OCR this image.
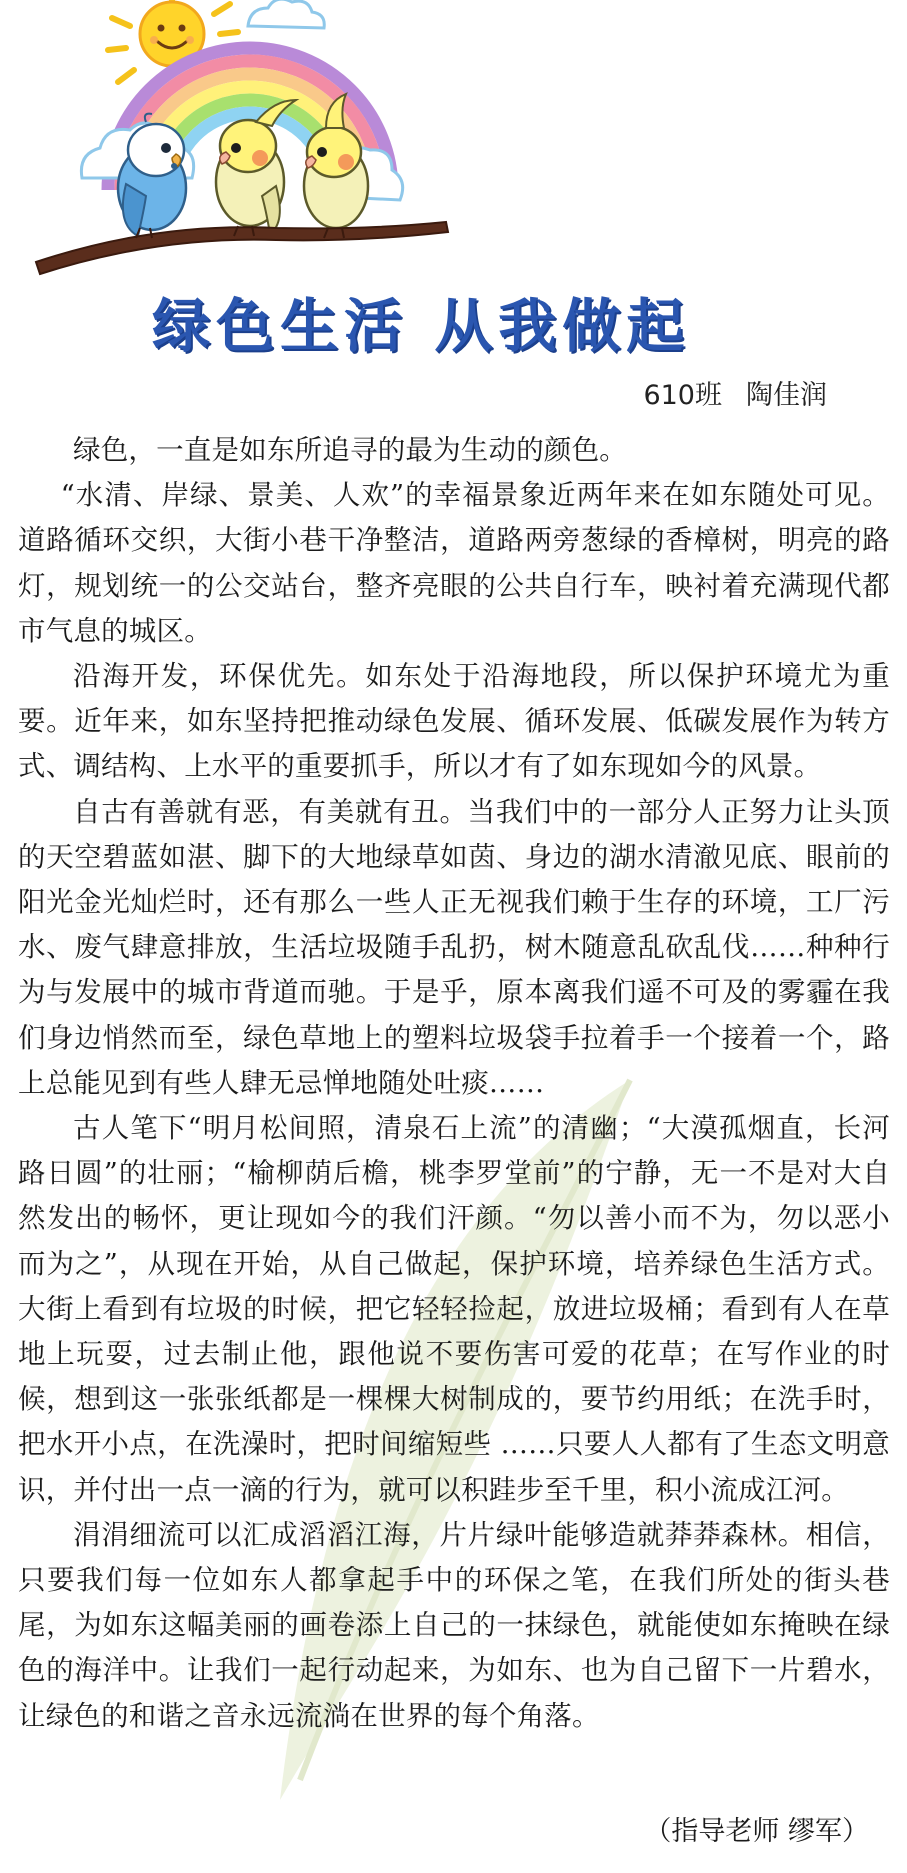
绿色生活 从我做起
610班 陶佳润

绿色，一直是如东所追寻的最为生动的颜色。

“水清、岸绿、景美、人欢”的幸福景象近两年来在如东随处可见。道路循环交织，大街小巷干净整洁，道路两旁葱绿的香樟树，明亮的路灯，规划统一的公交站台，整齐亮眼的公共自行车，映衬着充满现代都市气息的城区。

沿海开发，环保优先。如东处于沿海地段，所以保护环境尤为重要。近年来，如东坚持把推动绿色发展、循环发展、低碳发展作为转方式、调结构、上水平的重要抓手，所以才有了如东现如今的风景。

自古有善就有恶，有美就有丑。当我们中的一部分人正努力让头顶的天空碧蓝如湛、脚下的大地绿草如茵、身边的湖水清澈见底、眼前的阳光金光灿烂时，还有那么一些人正无视我们赖于生存的环境，工厂污水、废气肆意排放，生活垃圾随手乱扔，树木随意乱砍乱伐……种种行为与发展中的城市背道而驰。于是乎，原本离我们遥不可及的雾霾在我们身边悄然而至，绿色草地上的塑料垃圾袋手拉着手一个接着一个，路上总能见到有些人肆无忌惮地随处吐痰……

古人笔下“明月松间照，清泉石上流”的清幽；“大漠孤烟直，长河路日圆”的壮丽；“榆柳荫后檐，桃李罗堂前”的宁静，无一不是对大自然发出的畅怀，更让现如今的我们汗颜。“勿以善小而不为，勿以恶小而为之”，从现在开始，从自己做起，保护环境，培养绿色生活方式。大街上看到有垃圾的时候，把它轻轻捡起，放进垃圾桶；看到有人在草地上玩耍，过去制止他，跟他说不要伤害可爱的花草；在写作业的时候，想到这一张张纸都是一棵棵大树制成的，要节约用纸；在洗手时，把水开小点，在洗澡时，把时间缩短些 ……只要人人都有了生态文明意识，并付出一点一滴的行为，就可以积跬步至千里，积小流成江河。

涓涓细流可以汇成滔滔江海，片片绿叶能够造就莽莽森林。相信，只要我们每一位如东人都拿起手中的环保之笔，在我们所处的街头巷尾，为如东这幅美丽的画卷添上自己的一抹绿色，就能使如东掩映在绿色的海洋中。让我们一起行动起来，为如东、也为自己留下一片碧水，让绿色的和谐之音永远流淌在世界的每个角落。

（指导老师 缪军）
